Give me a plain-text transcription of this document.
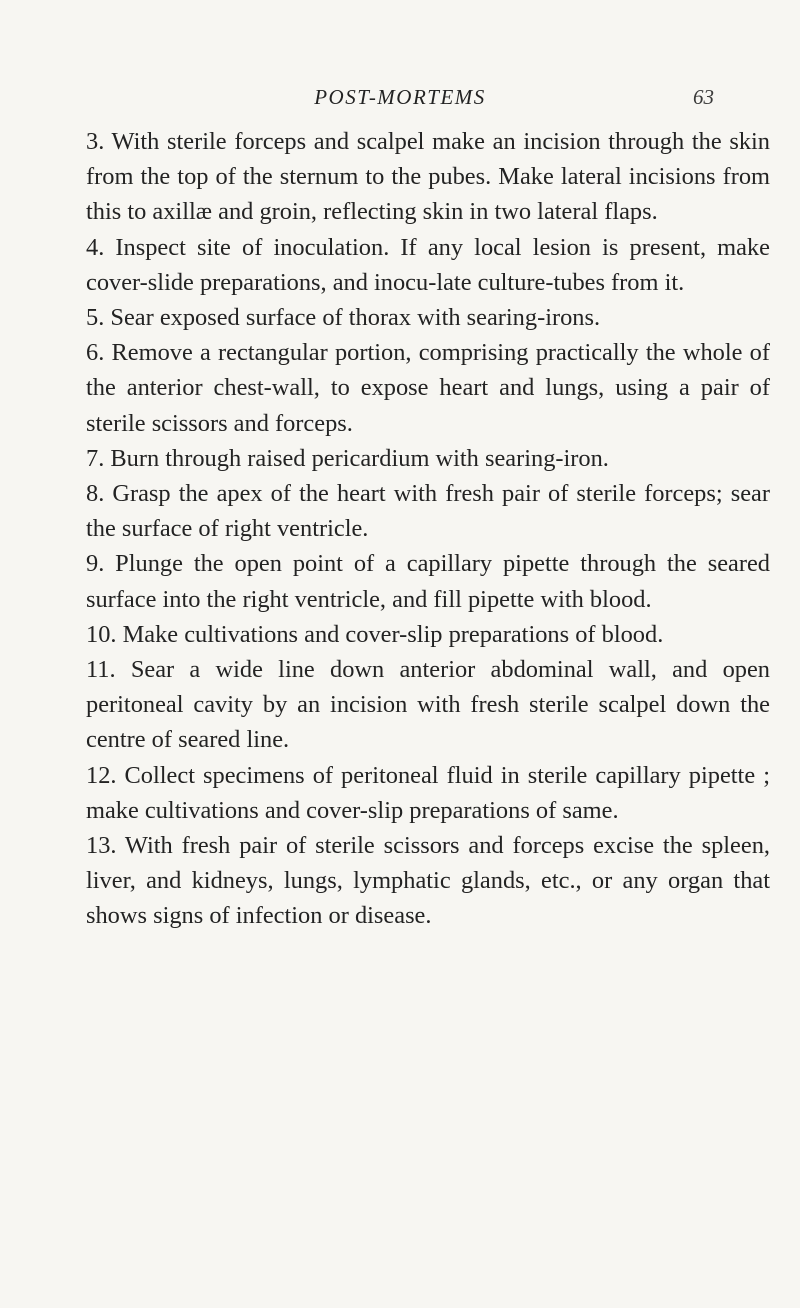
POST-MORTEMS	63

3. With sterile forceps and scalpel make an incision through the skin from the top of the sternum to the pubes. Make lateral incisions from this to axillæ and groin, reflecting skin in two lateral flaps.

4. Inspect site of inoculation. If any local lesion is present, make cover-slide preparations, and inocu-late culture-tubes from it.

5. Sear exposed surface of thorax with searing-irons.

6. Remove a rectangular portion, comprising practically the whole of the anterior chest-wall, to expose heart and lungs, using a pair of sterile scissors and forceps.

7. Burn through raised pericardium with searing-iron.

8. Grasp the apex of the heart with fresh pair of sterile forceps; sear the surface of right ventricle.

9. Plunge the open point of a capillary pipette through the seared surface into the right ventricle, and fill pipette with blood.

10. Make cultivations and cover-slip preparations of blood.

11. Sear a wide line down anterior abdominal wall, and open peritoneal cavity by an incision with fresh sterile scalpel down the centre of seared line.

12. Collect specimens of peritoneal fluid in sterile capillary pipette ; make cultivations and cover-slip preparations of same.

13. With fresh pair of sterile scissors and forceps excise the spleen, liver, and kidneys, lungs, lymphatic glands, etc., or any organ that shows signs of infection or disease.
